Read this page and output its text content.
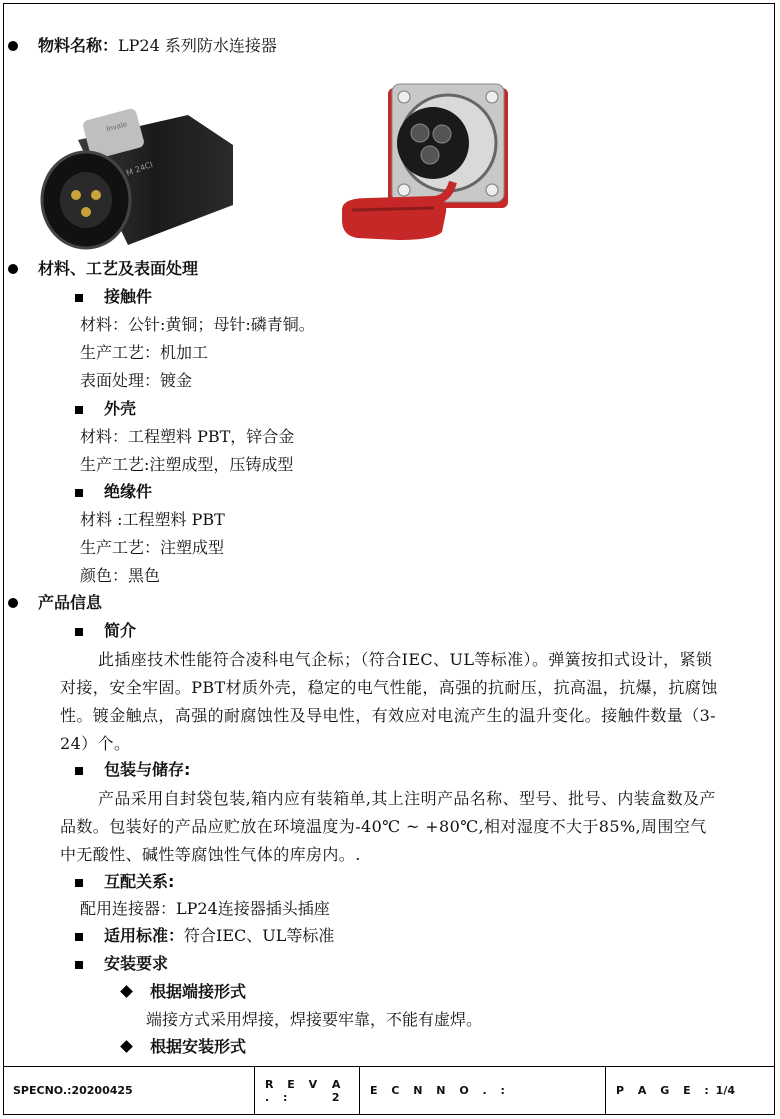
物料名称：LP24 系列防水连接器
lnvale
M 24CI
材料、工艺及表面处理
接触件
材料：公针:黄铜；母针:磷青铜。
生产工艺：机加工
表面处理：镀金
外壳
材料：工程塑料 PBT，锌合金
生产工艺:注塑成型，压铸成型
绝缘件
材料 :工程塑料 PBT
生产工艺：注塑成型
颜色：黑色
产品信息
简介
此插座技术性能符合凌科电气企标；（符合IEC、UL等标准）。弹簧按扣式设计，紧锁对接，安全牢固。PBT材质外壳，稳定的电气性能，高强的抗耐压，抗高温，抗爆，抗腐蚀性。镀金触点，高强的耐腐蚀性及导电性，有效应对电流产生的温升变化。接触件数量（3-24）个。
包装与储存:
产品采用自封袋包装,箱内应有装箱单,其上注明产品名称、型号、批号、内装盒数及产品数。包装好的产品应贮放在环境温度为-40℃ ~ +80℃,相对湿度不大于85%,周围空气中无酸性、碱性等腐蚀性气体的库房内。.
互配关系:
配用连接器：LP24连接器插头插座
适用标准：符合IEC、UL等标准
安装要求
根据端接形式
端接方式采用焊接，焊接要牢靠，不能有虚焊。
根据安装形式
SPECNO.:20200425	R E V . :
A 2	E C N N O . :	P A G E : 1/4
